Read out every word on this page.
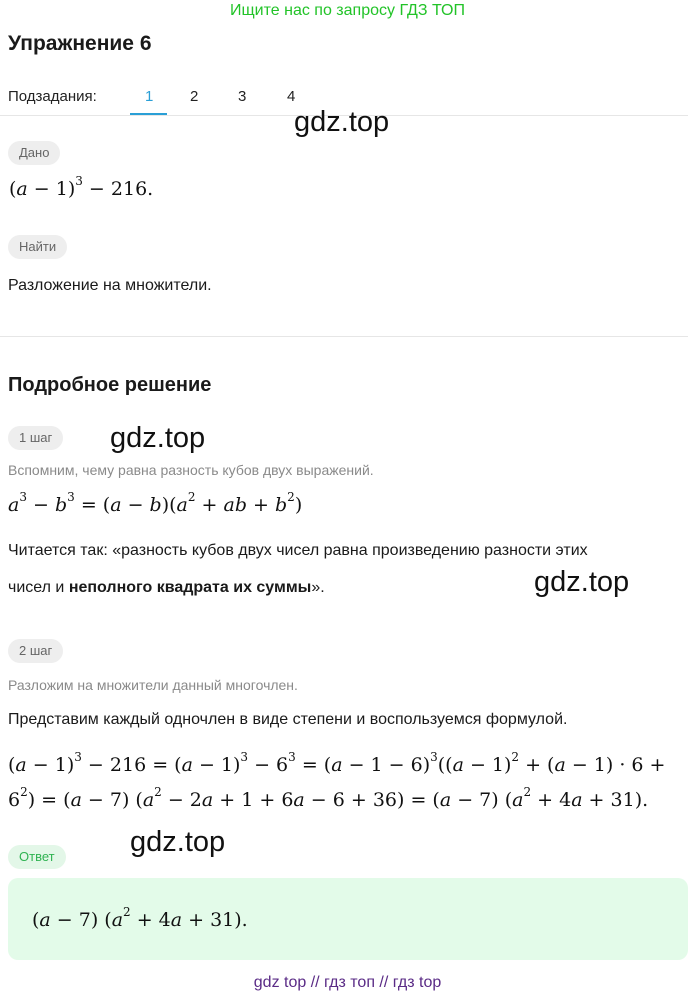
Ищите нас по запросу ГДЗ ТОП
Упражнение 6
Подзадания:	1 2	3	4
gdz.top
Дано
$(a - 1)^3 - 216$.
Найти
Разложение на множители.
Подробное решение
1 шаг	gdz.top
Вспомним, чему равна разность кубов двух выражений.
$a^3 - b^3 = (a - b)(a^2$ + ab + $b^2$)
Читается так: «разность кубов двух чисел равна произведению разности этих
чисел и неполного квадрата их суммы».	gdz.top
2 шаг
Разложим на множители данный многочлен.
Представим каждый одночлен в виде степени и воспользуемся формулой.
$(a - 1)^3 - 216 = (a - 1)^3 - 6^3 = (a - 1 - 6)^3((a - 1)^2 + (a - 1) \cdot 6$ +
$6^2) = (a - 7)$ $(a^2 - 2a + 1 + 6a - 6 + 36) = (a - 7) (a^2 + 4a + 31)$.
gdz.top
Ответ
(a − 7) $(a^2 + 4a + 31)$.
gdz top // гдз топ // гдз top
